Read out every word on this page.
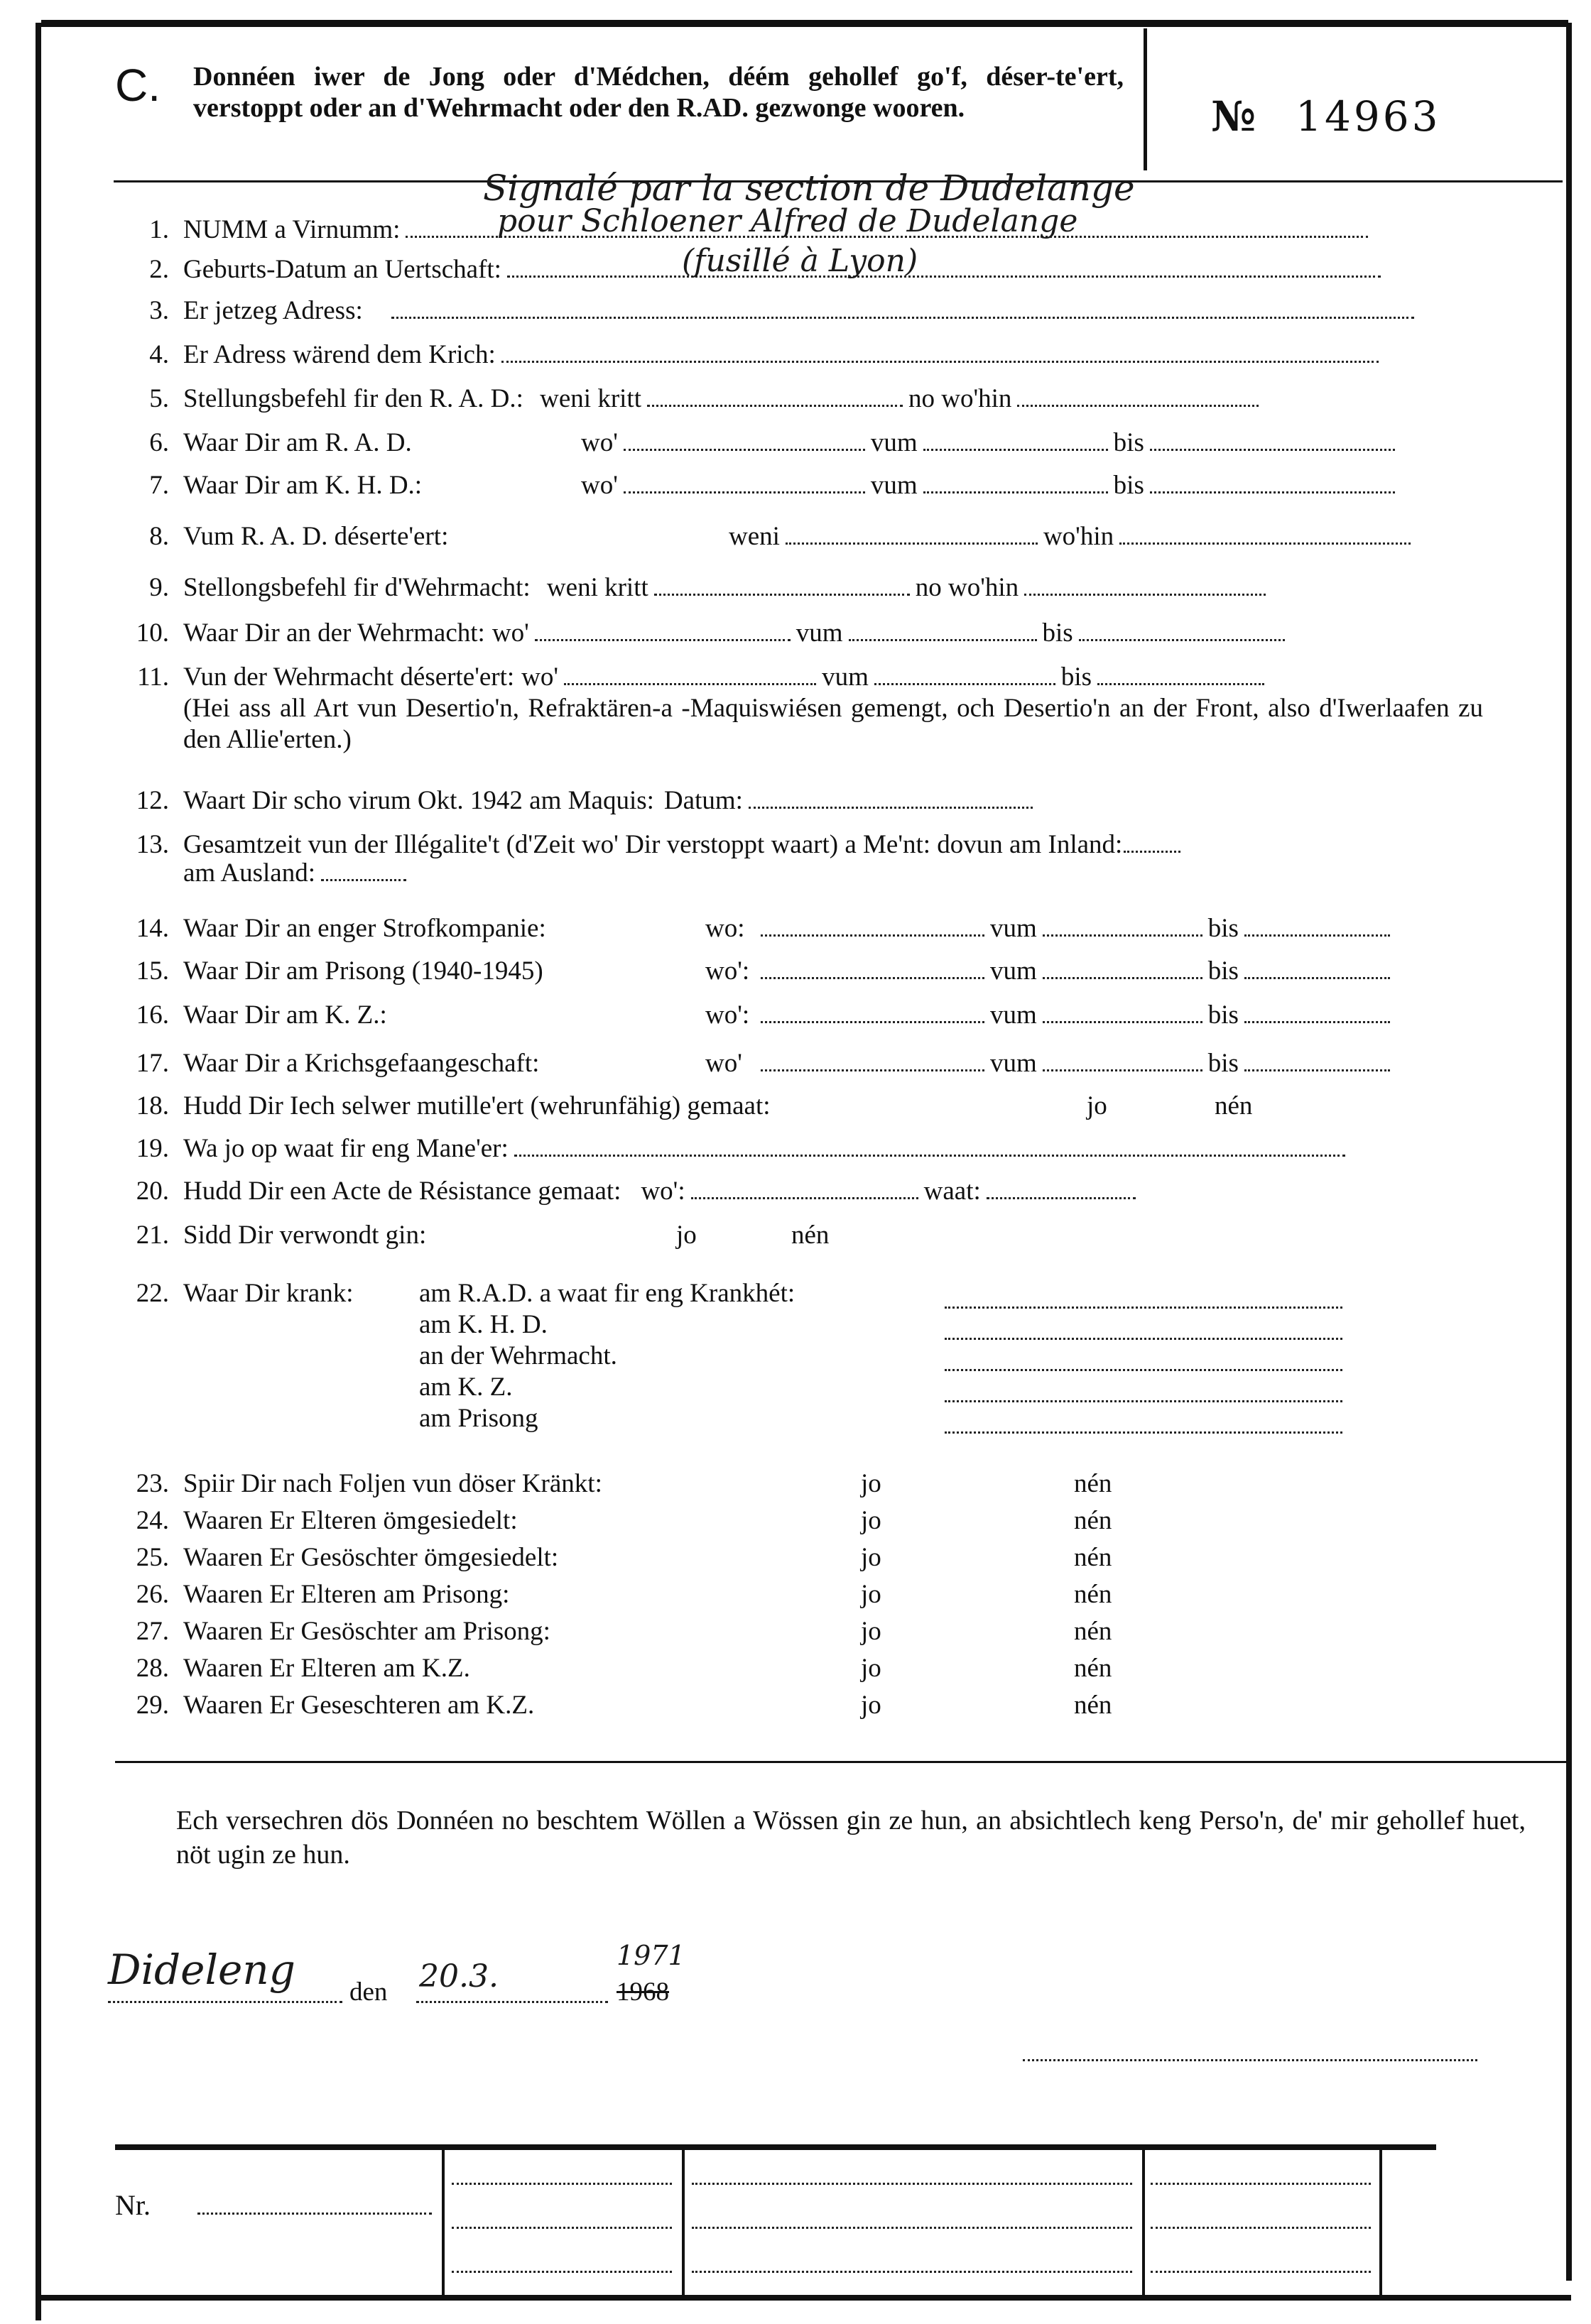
C. Donnéen iwer de Jong oder d'Médchen, déém gehollef go'f, déser-te'ert, verstoppt oder an d'Wehrmacht oder den R.AD. gezwonge wooren.	№ 14963
Signalé par la section de Dudelange
1. NUMM a Virnumm:	pour Schloener Alfred de Dudelange
2. Geburts-Datum an Uertschaft:	(fusillé à Lyon)
3. Er jetzeg Adress:
4. Er Adress wärend dem Krich:
5. Stellungsbefehl fir den R. A. D.: weni kritt	no wo'hin
6. Waar Dir am R. A. D.	wo'	vum	bis
7. Waar Dir am K. H. D.:	wo'	vum	bis
8. Vum R. A. D. déserte'ert:	weni	wo'hin
9. Stellongsbefehl fir d'Wehrmacht: weni kritt	no wo'hin
10. Waar Dir an der Wehrmacht: wo'	vum	bis
11. Vun der Wehrmacht déserte'ert: wo'	vum	bis
(Hei ass all Art vun Desertio'n, Refraktären-a -Maquiswiésen gemengt, och Desertio'n an der Front, also d'Iwerlaafen zu den Allie'erten.)
12. Waart Dir scho virum Okt. 1942 am Maquis: Datum:
13. Gesamtzeit vun der Illégalite't (d'Zeit wo' Dir verstoppt waart) a Me'nt: dovun am Inland:
am Ausland:
14. Waar Dir an enger Strofkompanie:	wo:	vum	bis
15. Waar Dir am Prisong (1940-1945)	wo':	vum	bis
16. Waar Dir am K. Z.:	wo':	vum	bis
17. Waar Dir a Krichsgefaangeschaft:	wo'	vum	bis
18. Hudd Dir Iech selwer mutille'ert (wehrunfähig) gemaat:	jo	nén
19. Wa jo op waat fir eng Mane'er:
20. Hudd Dir een Acte de Résistance gemaat: wo':	waat:
21. Sidd Dir verwondt gin:	jo	nén
22. Waar Dir krank:	am R.A.D. a waat fir eng Krankhét:
am K. H. D.
an der Wehrmacht.
am K. Z.
am Prisong
23. Spiir Dir nach Foljen vun döser Kränkt:	jo	nén
24. Waaren Er Elteren ömgesiedelt:	jo	nén
25. Waaren Er Gesöschter ömgesiedelt:	jo	nén
26. Waaren Er Elteren am Prisong:	jo	nén
27. Waaren Er Gesöschter am Prisong:	jo	nén
28. Waaren Er Elteren am K.Z.	jo	nén
29. Waaren Er Geseschteren am K.Z.	jo	nén
Ech versechren dös Donnéen no beschtem Wöllen a Wössen gin ze hun, an absichtlech keng Perso'n, de' mir gehollef huet, nöt ugin ze hun.
Dideleng den 20.3.
1971
1968
Nr.
